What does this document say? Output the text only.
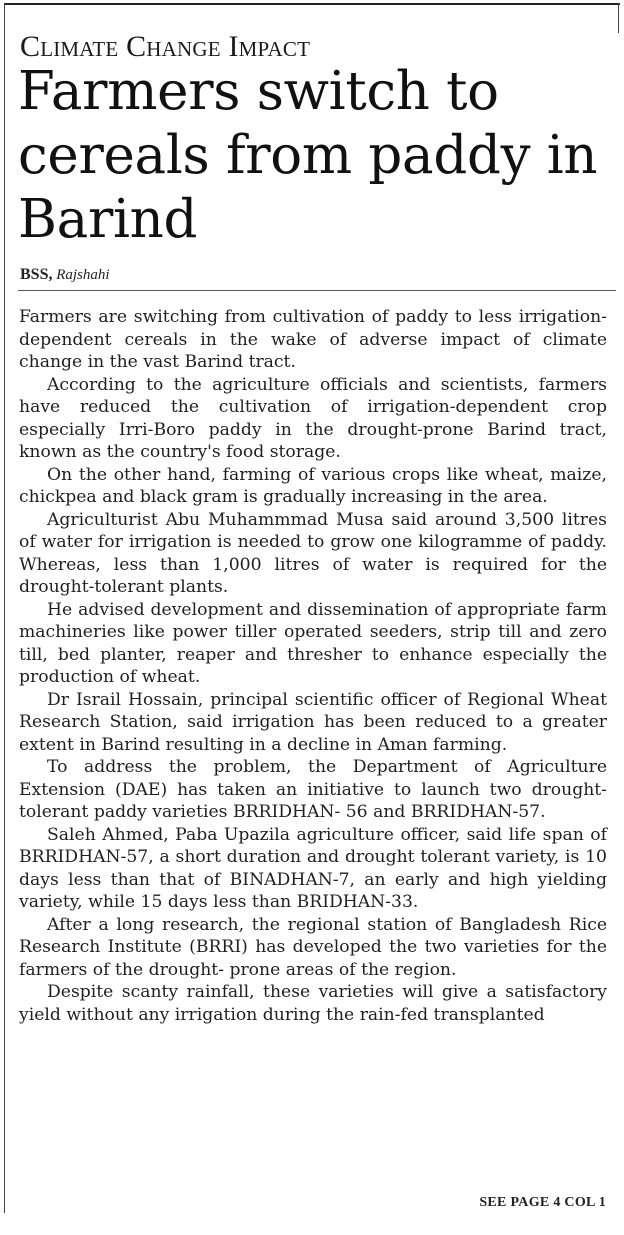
Climate Change Impact
Farmers switch to cereals from paddy in Barind
BSS, Rajshahi

Farmers are switching from cultivation of paddy to less irrigation-dependent cereals in the wake of adverse impact of climate change in the vast Barind tract.

According to the agriculture officials and scientists, farmers have reduced the cultivation of irrigation-dependent crop especially Irri-Boro paddy in the drought-prone Barind tract, known as the country's food storage.

On the other hand, farming of various crops like wheat, maize, chickpea and black gram is gradually increasing in the area.

Agriculturist Abu Muhammmad Musa said around 3,500 litres of water for irrigation is needed to grow one kilogramme of paddy. Whereas, less than 1,000 litres of water is required for the drought-tolerant plants.

He advised development and dissemination of appropriate farm machineries like power tiller operated seeders, strip till and zero till, bed planter, reaper and thresher to enhance especially the production of wheat.

Dr Israil Hossain, principal scientific officer of Regional Wheat Research Station, said irrigation has been reduced to a greater extent in Barind resulting in a decline in Aman farming.

To address the problem, the Department of Agriculture Extension (DAE) has taken an initiative to launch two drought-tolerant paddy varieties BRRIDHAN- 56 and BRRIDHAN-57.

Saleh Ahmed, Paba Upazila agriculture officer, said life span of BRRIDHAN-57, a short duration and drought tolerant variety, is 10 days less than that of BINADHAN-7, an early and high yielding variety, while 15 days less than BRIDHAN-33.

After a long research, the regional station of Bangladesh Rice Research Institute (BRRI) has developed the two varieties for the farmers of the drought- prone areas of the region.

Despite scanty rainfall, these varieties will give a satisfactory yield without any irrigation during the rain-fed transplanted

SEE PAGE 4 COL 1
